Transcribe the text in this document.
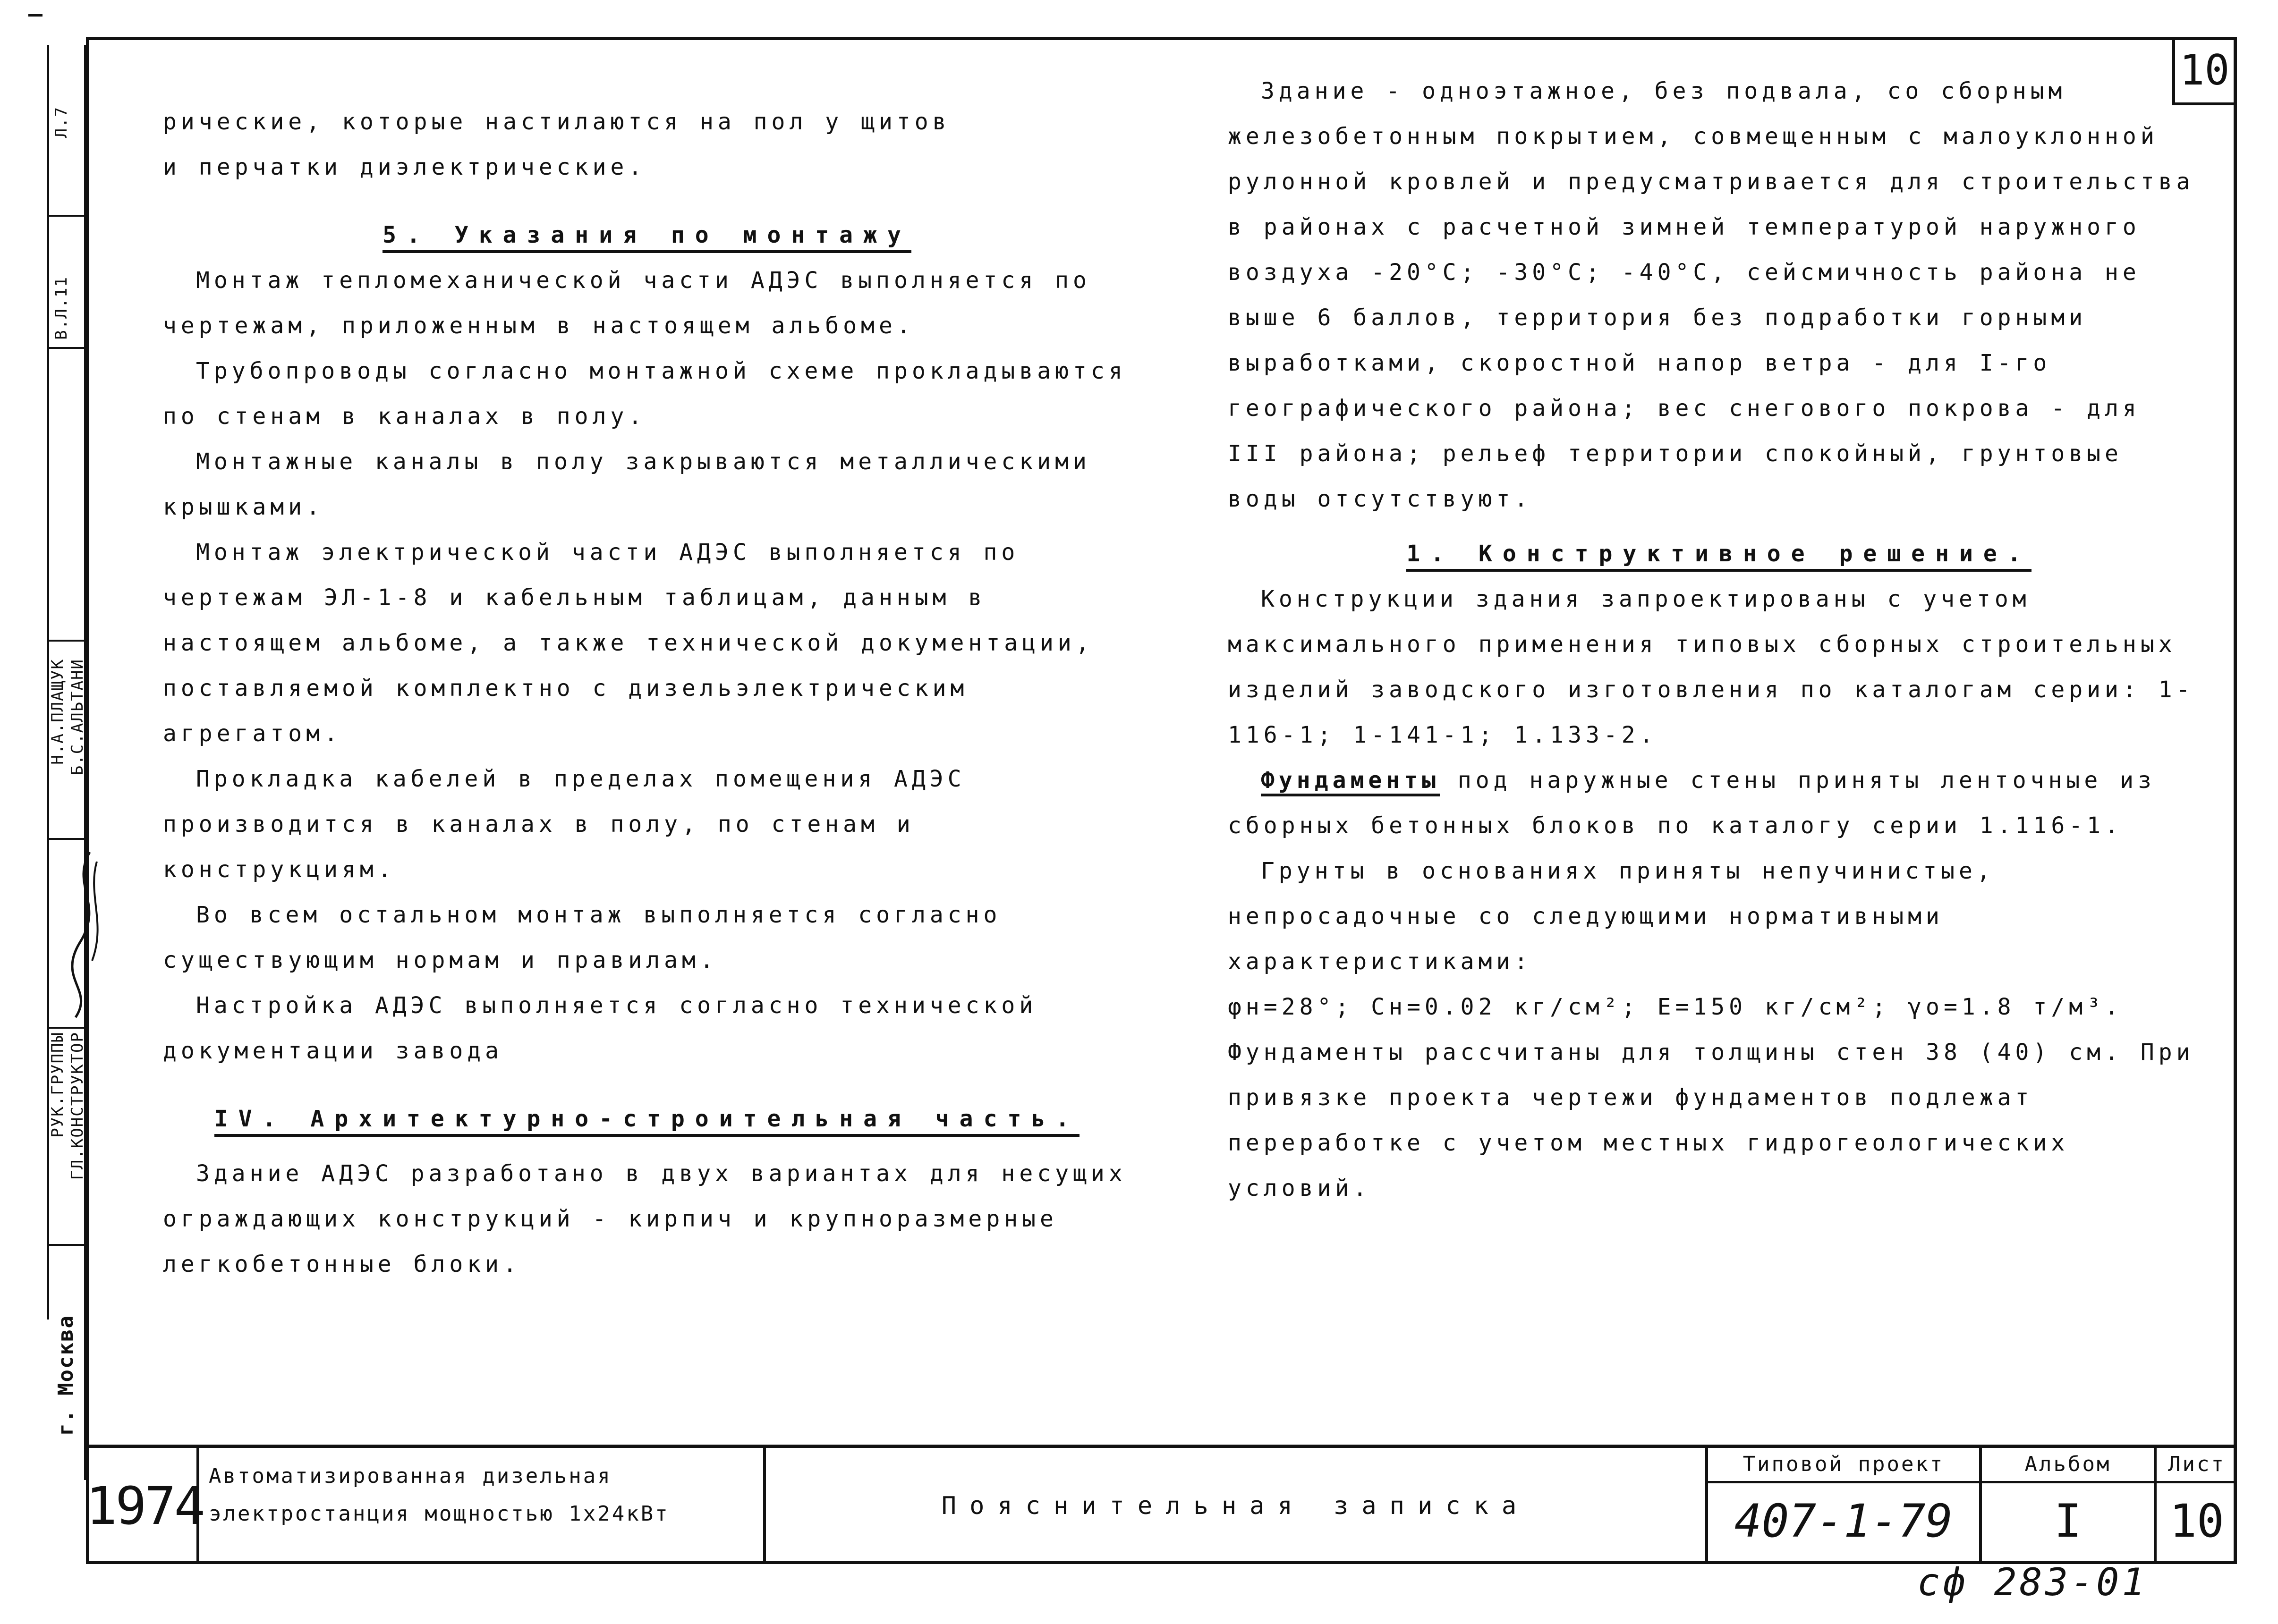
Л.7
В.Л.11
Б.С.АЛЬТАНИ
Н.А.ПЛАЩУК
ГЛ.КОНСТРУКТОР
РУК.ГРУППЫ
г. Москва
10

рические, которые настилаются на пол у щитов

и перчатки диэлектрические.

5. Указания по монтажу

Монтаж тепломеханической части АДЭС выполняется по чертежам, приложенным в настоящем альбоме.

Трубопроводы согласно монтажной схеме прокладываются по стенам в каналах в полу.

Монтажные каналы в полу закрываются металлическими крышками.

Монтаж электрической части АДЭС выполняется по чертежам ЭЛ-1-8 и кабельным таблицам, данным в настоящем альбоме, а также технической документации, поставляемой комплектно с дизельэлектрическим агрегатом.

Прокладка кабелей в пределах помещения АДЭС производится в каналах в полу, по стенам и конструкциям.

Во всем остальном монтаж выполняется согласно существующим нормам и правилам.

Настройка АДЭС выполняется согласно технической документации завода

IV. Архитектурно-строительная часть.

Здание АДЭС разработано в двух вариантах для несущих ограждающих конструкций - кирпич и крупноразмерные легкобетонные блоки.

Здание - одноэтажное, без подвала, со сборным железобетонным покрытием, совмещенным с малоуклонной рулонной кровлей и предусматривается для строительства в районах с расчетной зимней температурой наружного воздуха -20°С; -30°С; -40°С, сейсмичность района не выше 6 баллов, территория без подработки горными выработками, скоростной напор ветра - для I-го географического района; вес снегового покрова - для III района; рельеф территории спокойный, грунтовые воды отсутствуют.

1. Конструктивное решение.

Конструкции здания запроектированы с учетом максимального применения типовых сборных строительных изделий заводского изготовления по каталогам серии: 1-116-1; 1-141-1; 1.133-2.

Фундаменты под наружные стены приняты ленточные из сборных бетонных блоков по каталогу серии 1.116-1.

Грунты в основаниях приняты непучинистые, непросадочные со следующими нормативными характеристиками:

φн=28°; Сн=0.02 кг/см²; Е=150 кг/см²; γо=1.8 т/м³.

Фундаменты рассчитаны для толщины стен 38 (40) см. При привязке проекта чертежи фундаментов подлежат переработке с учетом местных гидрогеологических условий.

1974 Автоматизированная дизельная
электростанция мощностью 1х24кВт	Пояснительная записка
Типовой проект
407-1-79
Альбом
I
Лист
10
сф 283-01
